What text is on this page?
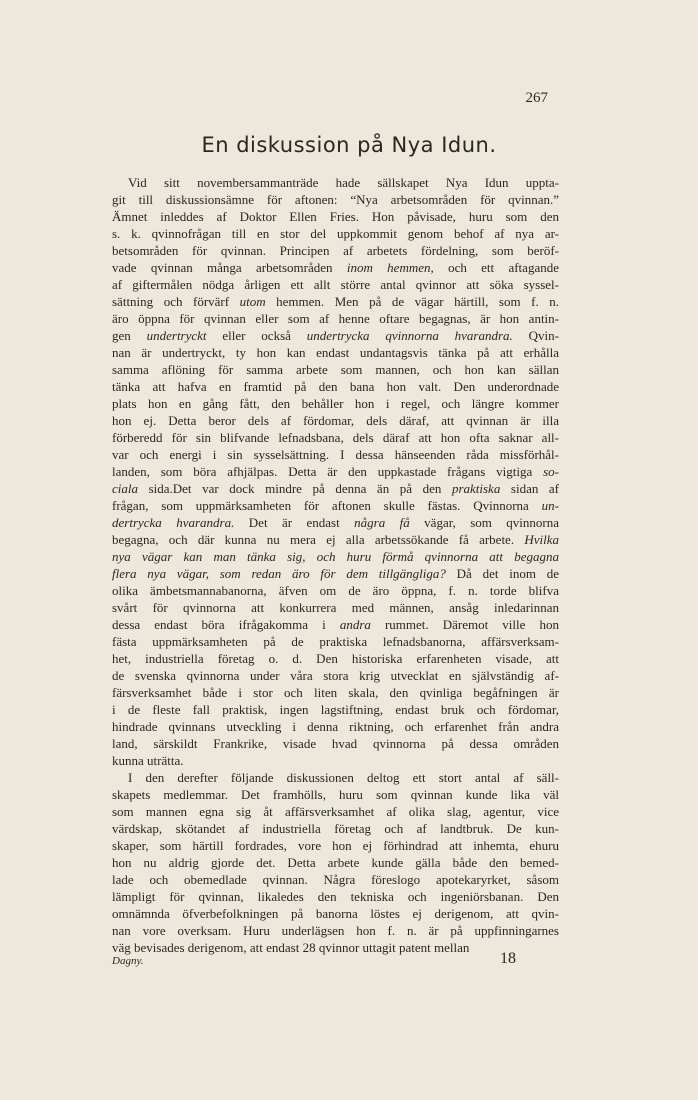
267
En diskussion på Nya Idun.
Vid sitt novembersammanträde hade sällskapet Nya Idun uppta-
git till diskussionsämne för aftonen: “Nya arbetsområden för qvinnan.”
Ämnet inleddes af Doktor Ellen Fries. Hon påvisade, huru som den
s. k. qvinnofrågan till en stor del uppkommit genom behof af nya ar-
betsområden för qvinnan. Principen af arbetets fördelning, som beröf-
vade qvinnan många arbetsområden inom hemmen, och ett aftagande
af giftermålen nödga årligen ett allt större antal qvinnor att söka syssel-
sättning och förvärf utom hemmen. Men på de vägar härtill, som f. n.
äro öppna för qvinnan eller som af henne oftare begagnas, är hon antin-
gen undertryckt eller också undertrycka qvinnorna hvarandra. Qvin-
nan är undertryckt, ty hon kan endast undantagsvis tänka på att erhålla
samma aflöning för samma arbete som mannen, och hon kan sällan
tänka att hafva en framtid på den bana hon valt. Den underordnade
plats hon en gång fått, den behåller hon i regel, och längre kommer
hon ej. Detta beror dels af fördomar, dels däraf, att qvinnan är illa
förberedd för sin blifvande lefnadsbana, dels däraf att hon ofta saknar all-
var och energi i sin sysselsättning. I dessa hänseenden råda missförhål-
landen, som böra afhjälpas. Detta är den uppkastade frågans vigtiga so-
ciala sida.Det var dock mindre på denna än på den praktiska sidan af
frågan, som uppmärksamheten för aftonen skulle fästas. Qvinnorna un-
dertrycka hvarandra. Det är endast några få vägar, som qvinnorna
begagna, och där kunna nu mera ej alla arbetssökande få arbete. Hvilka
nya vägar kan man tänka sig, och huru förmå qvinnorna att begagna
flera nya vägar, som redan äro för dem tillgängliga? Då det inom de
olika ämbetsmannabanorna, äfven om de äro öppna, f. n. torde blifva
svårt för qvinnorna att konkurrera med männen, ansåg inledarinnan
dessa endast böra ifrågakomma i andra rummet. Däremot ville hon
fästa uppmärksamheten på de praktiska lefnadsbanorna, affärsverksam-
het, industriella företag o. d. Den historiska erfarenheten visade, att
de svenska qvinnorna under våra stora krig utvecklat en självständig af-
färsverksamhet både i stor och liten skala, den qvinliga begåfningen är
i de fleste fall praktisk, ingen lagstiftning, endast bruk och fördomar,
hindrade qvinnans utveckling i denna riktning, och erfarenhet från andra
land, särskildt Frankrike, visade hvad qvinnorna på dessa områden
kunna uträtta.
I den derefter följande diskussionen deltog ett stort antal af säll-
skapets medlemmar. Det framhölls, huru som qvinnan kunde lika väl
som mannen egna sig åt affärsverksamhet af olika slag, agentur, vice
värdskap, skötandet af industriella företag och af landtbruk. De kun-
skaper, som härtill fordrades, vore hon ej förhindrad att inhemta, ehuru
hon nu aldrig gjorde det. Detta arbete kunde gälla både den bemed-
lade och obemedlade qvinnan. Några föreslogo apotekaryrket, såsom
lämpligt för qvinnan, likaledes den tekniska och ingeniörsbanan. Den
omnämnda öfverbefolkningen på banorna löstes ej derigenom, att qvin-
nan vore overksam. Huru underlägsen hon f. n. är på uppfinningarnes
väg bevisades derigenom, att endast 28 qvinnor uttagit patent mellan
Dagny.	18
